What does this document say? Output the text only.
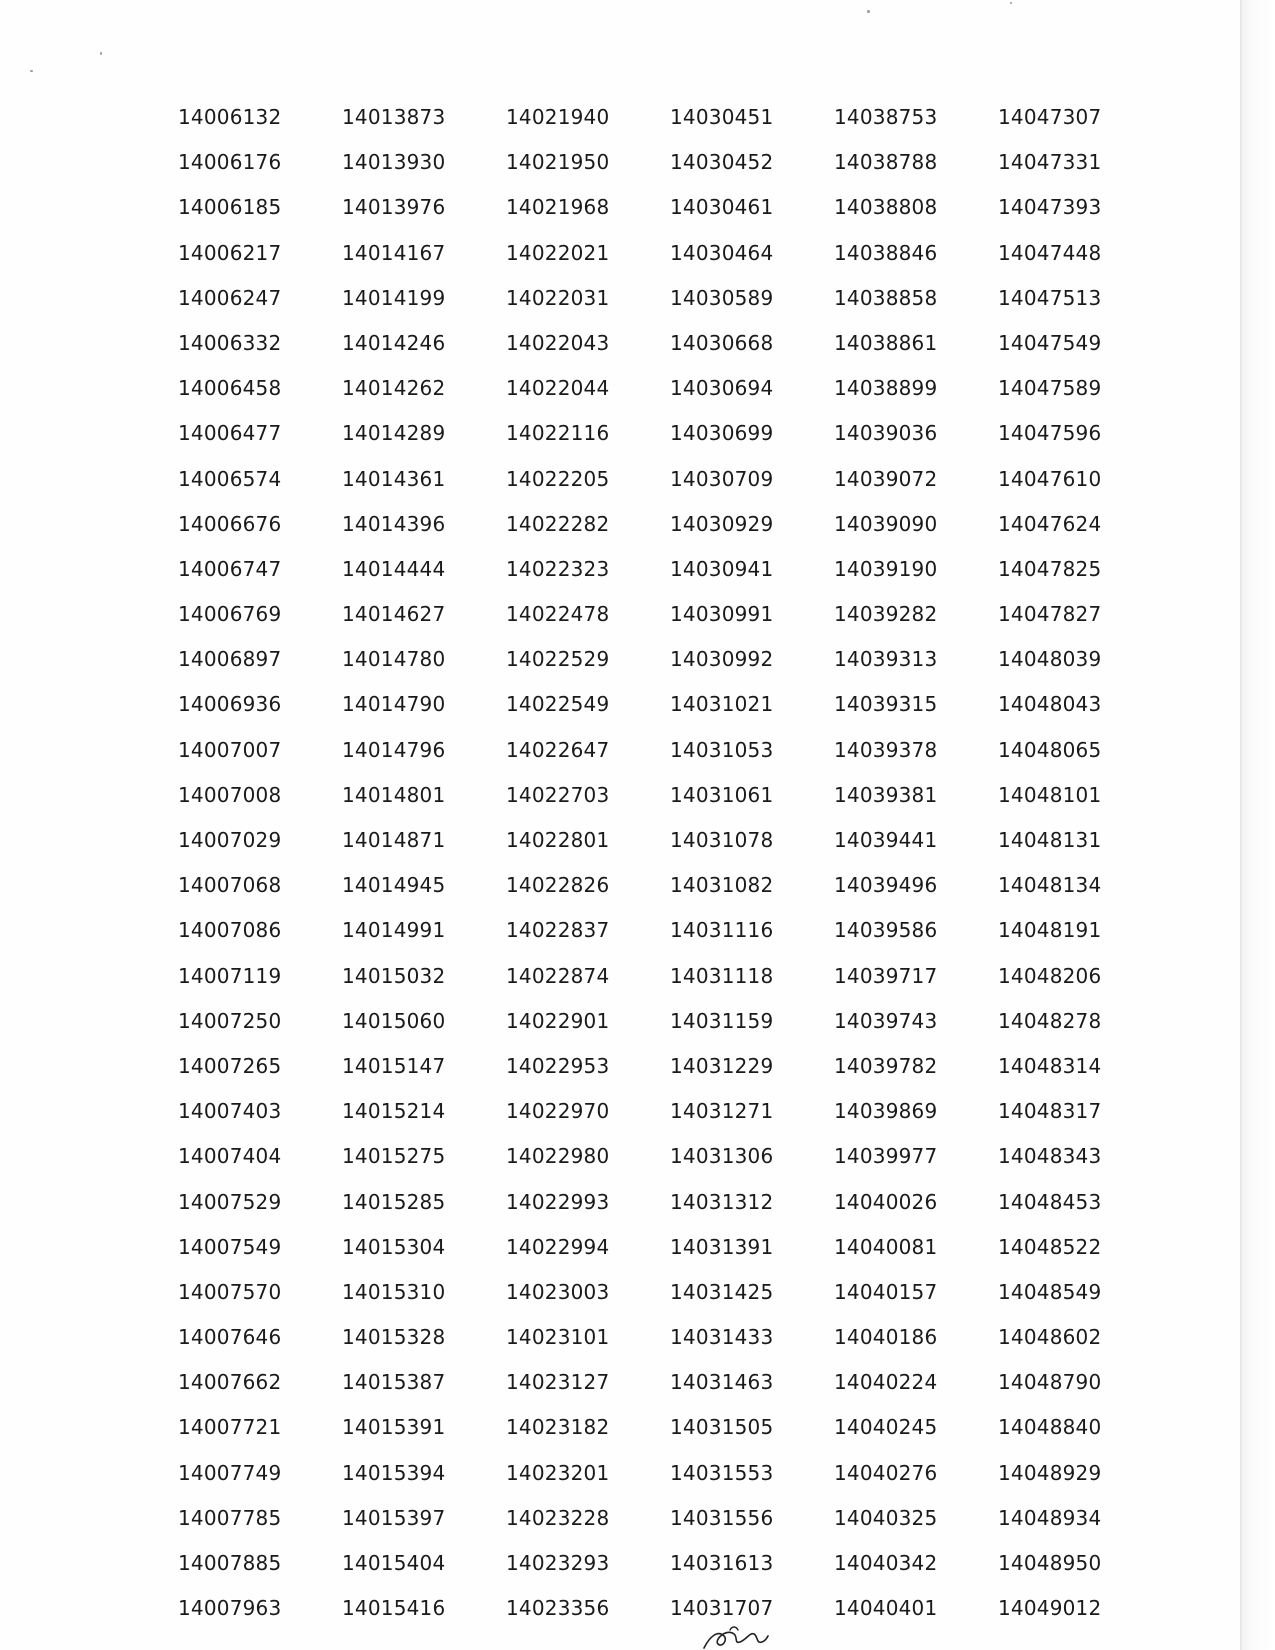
14006132	14013873	14021940	14030451	14038753	14047307
14006176	14013930	14021950	14030452	14038788	14047331
14006185	14013976	14021968	14030461	14038808	14047393
14006217	14014167	14022021	14030464	14038846	14047448
14006247	14014199	14022031	14030589	14038858	14047513
14006332	14014246	14022043	14030668	14038861	14047549
14006458	14014262	14022044	14030694	14038899	14047589
14006477	14014289	14022116	14030699	14039036	14047596
14006574	14014361	14022205	14030709	14039072	14047610
14006676	14014396	14022282	14030929	14039090	14047624
14006747	14014444	14022323	14030941	14039190	14047825
14006769	14014627	14022478	14030991	14039282	14047827
14006897	14014780	14022529	14030992	14039313	14048039
14006936	14014790	14022549	14031021	14039315	14048043
14007007	14014796	14022647	14031053	14039378	14048065
14007008	14014801	14022703	14031061	14039381	14048101
14007029	14014871	14022801	14031078	14039441	14048131
14007068	14014945	14022826	14031082	14039496	14048134
14007086	14014991	14022837	14031116	14039586	14048191
14007119	14015032	14022874	14031118	14039717	14048206
14007250	14015060	14022901	14031159	14039743	14048278
14007265	14015147	14022953	14031229	14039782	14048314
14007403	14015214	14022970	14031271	14039869	14048317
14007404	14015275	14022980	14031306	14039977	14048343
14007529	14015285	14022993	14031312	14040026	14048453
14007549	14015304	14022994	14031391	14040081	14048522
14007570	14015310	14023003	14031425	14040157	14048549
14007646	14015328	14023101	14031433	14040186	14048602
14007662	14015387	14023127	14031463	14040224	14048790
14007721	14015391	14023182	14031505	14040245	14048840
14007749	14015394	14023201	14031553	14040276	14048929
14007785	14015397	14023228	14031556	14040325	14048934
14007885	14015404	14023293	14031613	14040342	14048950
14007963	14015416	14023356	14031707	14040401	14049012
